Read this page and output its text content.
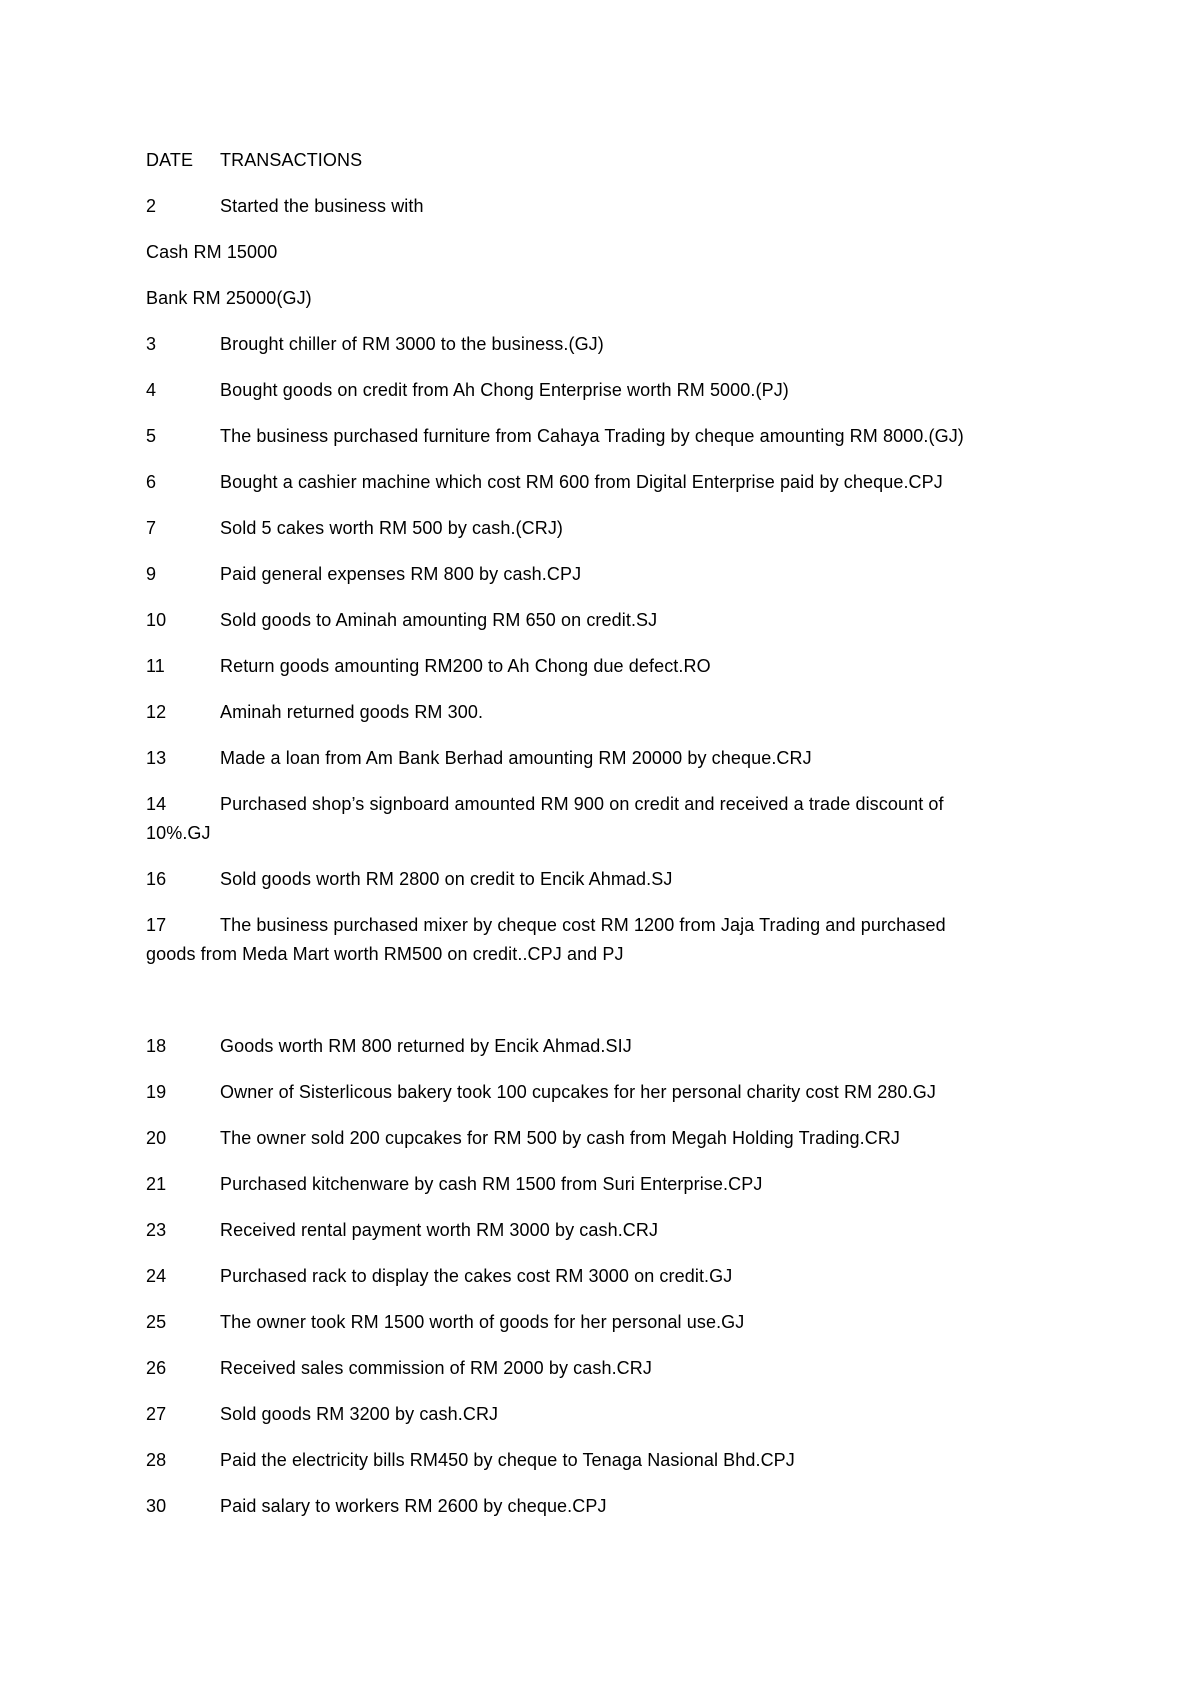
DATE TRANSACTIONS
2	Started the business with
Cash RM 15000
Bank RM 25000(GJ)
3	Brought chiller of RM 3000 to the business.(GJ)
4	Bought goods on credit from Ah Chong Enterprise worth RM 5000.(PJ)
5	The business purchased furniture from Cahaya Trading by cheque amounting RM 8000.(GJ)
6	Bought a cashier machine which cost RM 600 from Digital Enterprise paid by cheque.CPJ
7	Sold 5 cakes worth RM 500 by cash.(CRJ)
9	Paid general expenses RM 800 by cash.CPJ
10	Sold goods to Aminah amounting RM 650 on credit.SJ
11	Return goods amounting RM200 to Ah Chong due defect.RO
12	Aminah returned goods RM 300.
13	Made a loan from Am Bank Berhad amounting RM 20000 by cheque.CRJ
14	Purchased shop’s signboard amounted RM 900 on credit and received a trade discount of
10%.GJ
16	Sold goods worth RM 2800 on credit to Encik Ahmad.SJ
17	The business purchased mixer by cheque cost RM 1200 from Jaja Trading and purchased
goods from Meda Mart worth RM500 on credit..CPJ and PJ
18	Goods worth RM 800 returned by Encik Ahmad.SIJ
19	Owner of Sisterlicous bakery took 100 cupcakes for her personal charity cost RM 280.GJ
20	The owner sold 200 cupcakes for RM 500 by cash from Megah Holding Trading.CRJ
21	Purchased kitchenware by cash RM 1500 from Suri Enterprise.CPJ
23	Received rental payment worth RM 3000 by cash.CRJ
24	Purchased rack to display the cakes cost RM 3000 on credit.GJ
25	The owner took RM 1500 worth of goods for her personal use.GJ
26	Received sales commission of RM 2000 by cash.CRJ
27	Sold goods RM 3200 by cash.CRJ
28	Paid the electricity bills RM450 by cheque to Tenaga Nasional Bhd.CPJ
30	Paid salary to workers RM 2600 by cheque.CPJ
